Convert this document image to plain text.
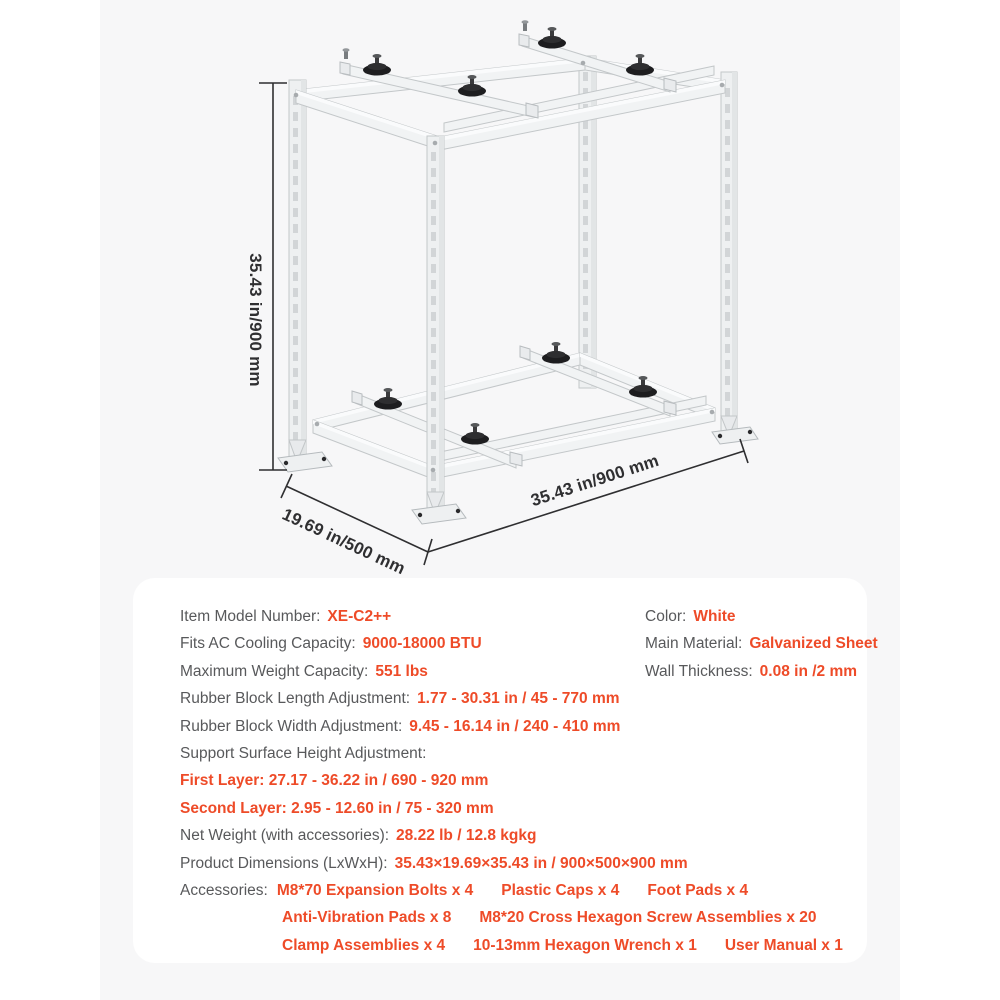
35.43 in/900 mm
19.69 in/500 mm
35.43 in/900 mm
Item Model Number: XE-C2++	Color: White
Fits AC Cooling Capacity: 9000-18000 BTU	Main Material: Galvanized Sheet
Maximum Weight Capacity: 551 lbs	Wall Thickness: 0.08 in /2 mm
Rubber Block Length Adjustment: 1.77 - 30.31 in / 45 - 770 mm
Rubber Block Width Adjustment: 9.45 - 16.14 in / 240 - 410 mm
Support Surface Height Adjustment:
First Layer: 27.17 - 36.22 in / 690 - 920 mm
Second Layer: 2.95 - 12.60 in / 75 - 320 mm
Net Weight (with accessories): 28.22 lb / 12.8 kgkg
Product Dimensions (LxWxH): 35.43×19.69×35.43 in / 900×500×900 mm
Accessories: M8*70 Expansion Bolts x 4 Plastic Caps x 4 Foot Pads x 4
Anti-Vibration Pads x 8 M8*20 Cross Hexagon Screw Assemblies x 20
Clamp Assemblies x 4 10-13mm Hexagon Wrench x 1 User Manual x 1
